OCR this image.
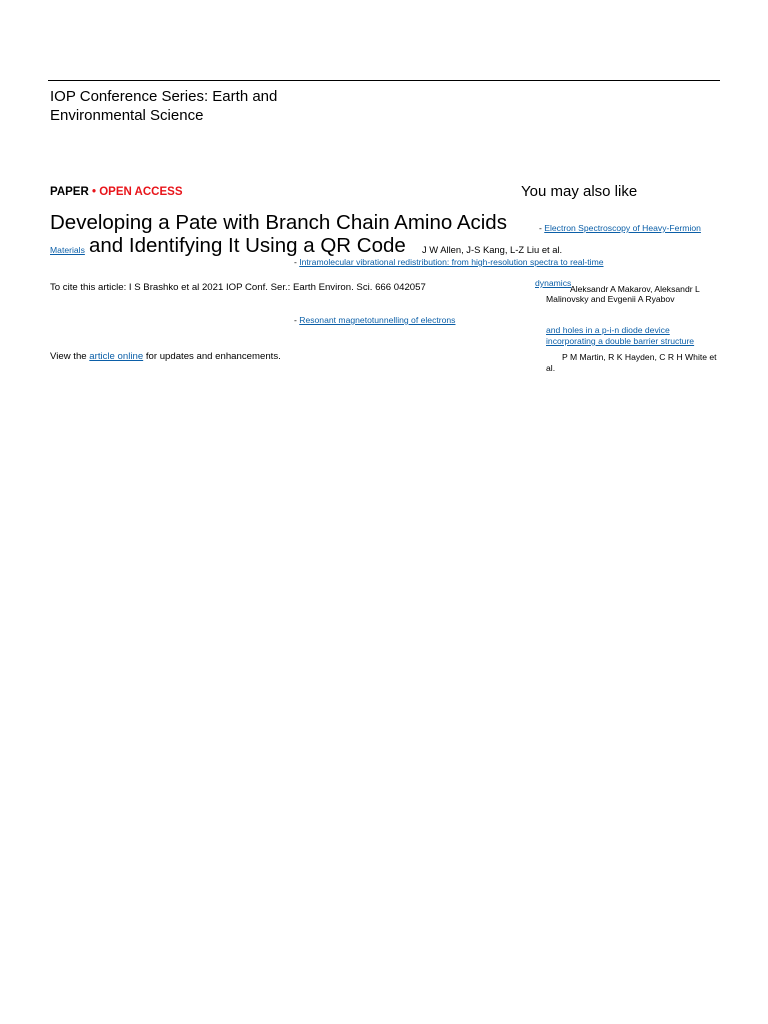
IOP Conference Series: Earth and
Environmental Science
PAPER • OPEN ACCESS	You may also like
Developing a Pate with Branch Chain Amino Acids	- Electron Spectroscopy of Heavy-Fermion
Materials and Identifying It Using a QR Code J W Allen, J-S Kang, L-Z Liu et al.
- Intramolecular vibrational redistribution: from high-resolution spectra to real-time
dynamics
Aleksandr A Makarov, Aleksandr L
Malinovsky and Evgenii A Ryabov
To cite this article: I S Brashko et al 2021 IOP Conf. Ser.: Earth Environ. Sci. 666 042057
- Resonant magnetotunnelling of electrons
and holes in a p-i-n diode device
incorporating a double barrier structure
View the article online for updates and enhancements.	P M Martin, R K Hayden, C R H White et
al.
